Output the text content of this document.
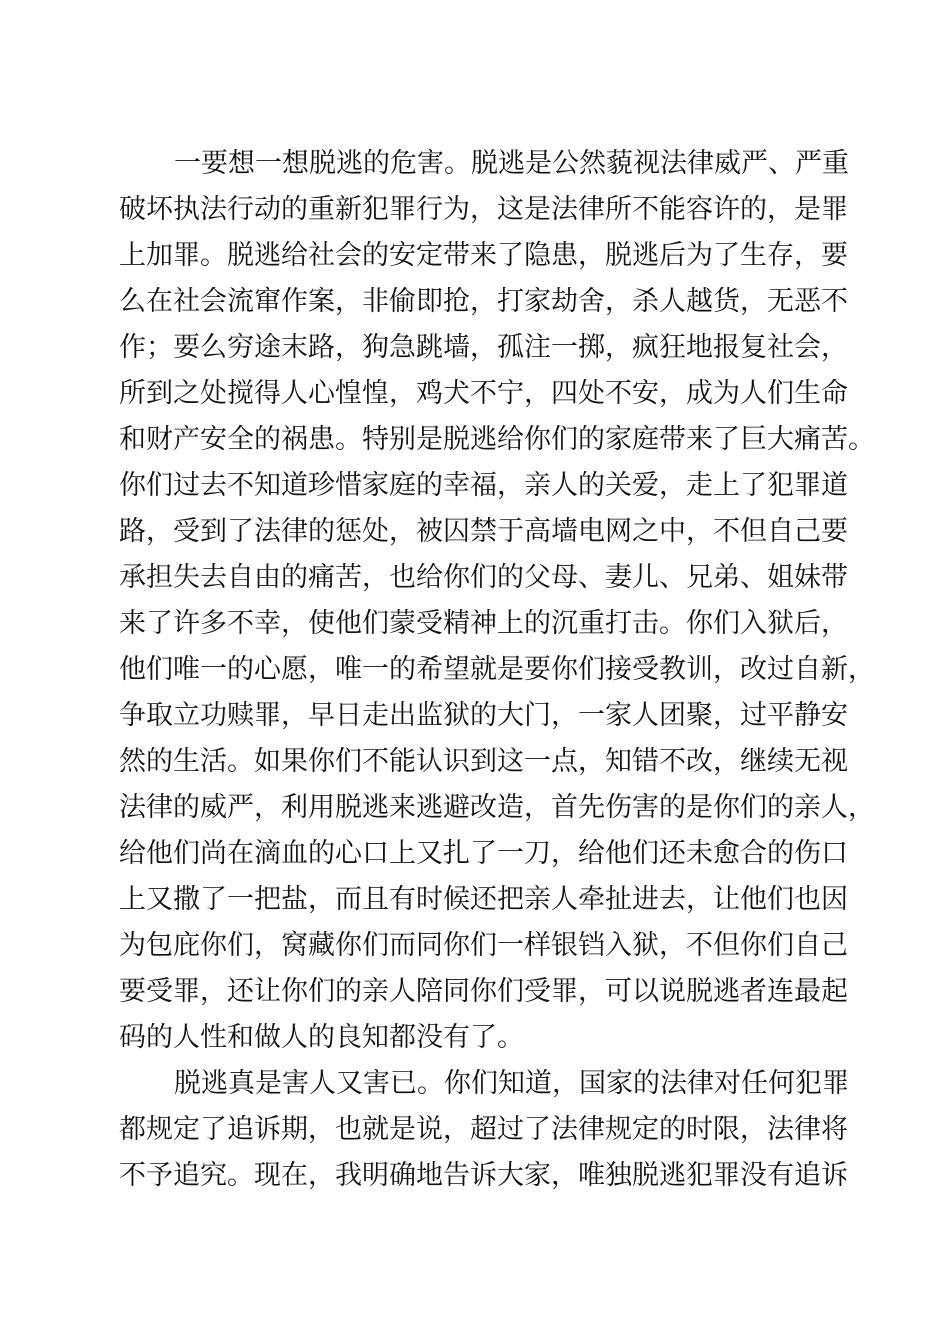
一要想一想脱逃的危害。脱逃是公然藐视法律威严、严重
破坏执法行动的重新犯罪行为，这是法律所不能容许的，是罪
上加罪。脱逃给社会的安定带来了隐患，脱逃后为了生存，要
么在社会流窜作案，非偷即抢，打家劫舍，杀人越货，无恶不
作；要么穷途末路，狗急跳墙，孤注一掷，疯狂地报复社会，
所到之处搅得人心惶惶，鸡犬不宁，四处不安，成为人们生命
和财产安全的祸患。特别是脱逃给你们的家庭带来了巨大痛苦。
你们过去不知道珍惜家庭的幸福，亲人的关爱，走上了犯罪道
路，受到了法律的惩处，被囚禁于高墙电网之中，不但自己要
承担失去自由的痛苦，也给你们的父母、妻儿、兄弟、姐妹带
来了许多不幸，使他们蒙受精神上的沉重打击。你们入狱后，
他们唯一的心愿，唯一的希望就是要你们接受教训，改过自新，
争取立功赎罪，早日走出监狱的大门，一家人团聚，过平静安
然的生活。如果你们不能认识到这一点，知错不改，继续无视
法律的威严，利用脱逃来逃避改造，首先伤害的是你们的亲人，
给他们尚在滴血的心口上又扎了一刀，给他们还未愈合的伤口
上又撒了一把盐，而且有时候还把亲人牵扯进去，让他们也因
为包庇你们，窝藏你们而同你们一样银铛入狱，不但你们自己
要受罪，还让你们的亲人陪同你们受罪，可以说脱逃者连最起
码的人性和做人的良知都没有了。
脱逃真是害人又害已。你们知道，国家的法律对任何犯罪
都规定了追诉期，也就是说，超过了法律规定的时限，法律将
不予追究。现在，我明确地告诉大家，唯独脱逃犯罪没有追诉
